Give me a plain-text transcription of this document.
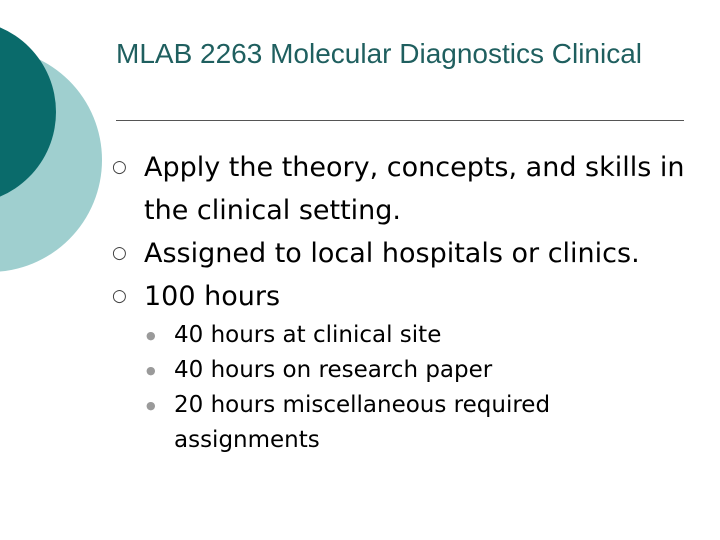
MLAB 2263 Molecular Diagnostics Clinical
○ Apply the theory, concepts, and skills in the clinical setting.
○ Assigned to local hospitals or clinics.
○ 100 hours
● 40 hours at clinical site
● 40 hours on research paper
● 20 hours miscellaneous required assignments
